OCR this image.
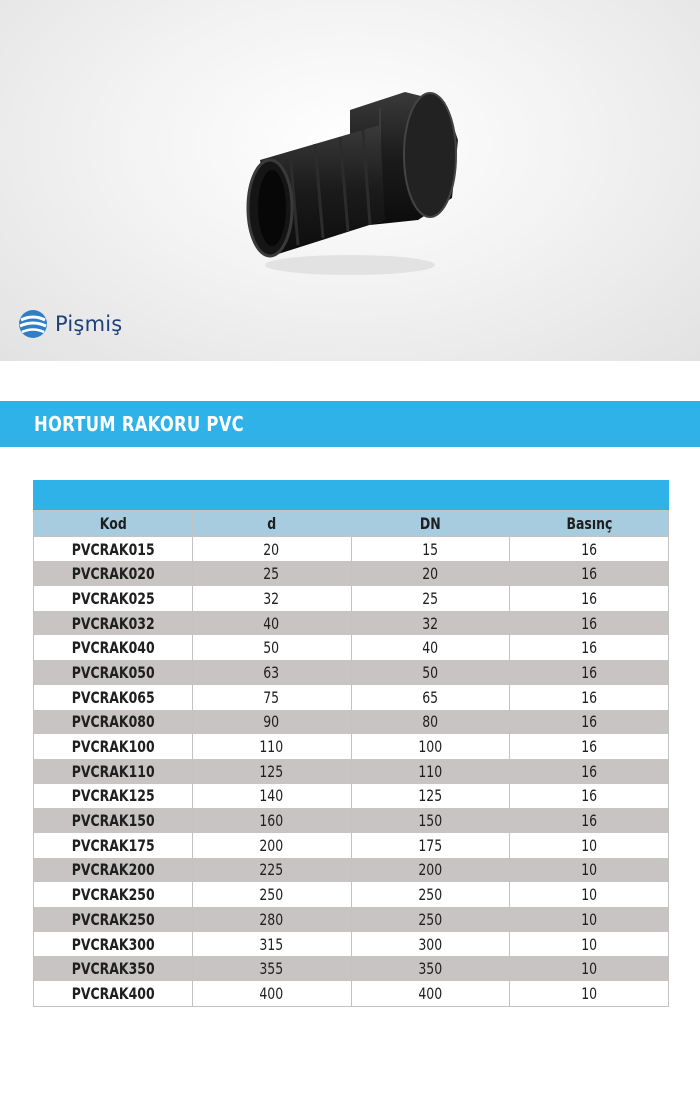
Pişmiş
HORTUM RAKORU PVC
Kod	d	DN	Basınç
PVCRAK015	20	15	16
PVCRAK020	25	20	16
PVCRAK025	32	25	16
PVCRAK032	40	32	16
PVCRAK040	50	40	16
PVCRAK050	63	50	16
PVCRAK065	75	65	16
PVCRAK080	90	80	16
PVCRAK100	110	100	16
PVCRAK110	125	110	16
PVCRAK125	140	125	16
PVCRAK150	160	150	16
PVCRAK175	200	175	10
PVCRAK200	225	200	10
PVCRAK250	250	250	10
PVCRAK250	280	250	10
PVCRAK300	315	300	10
PVCRAK350	355	350	10
PVCRAK400	400	400	10
